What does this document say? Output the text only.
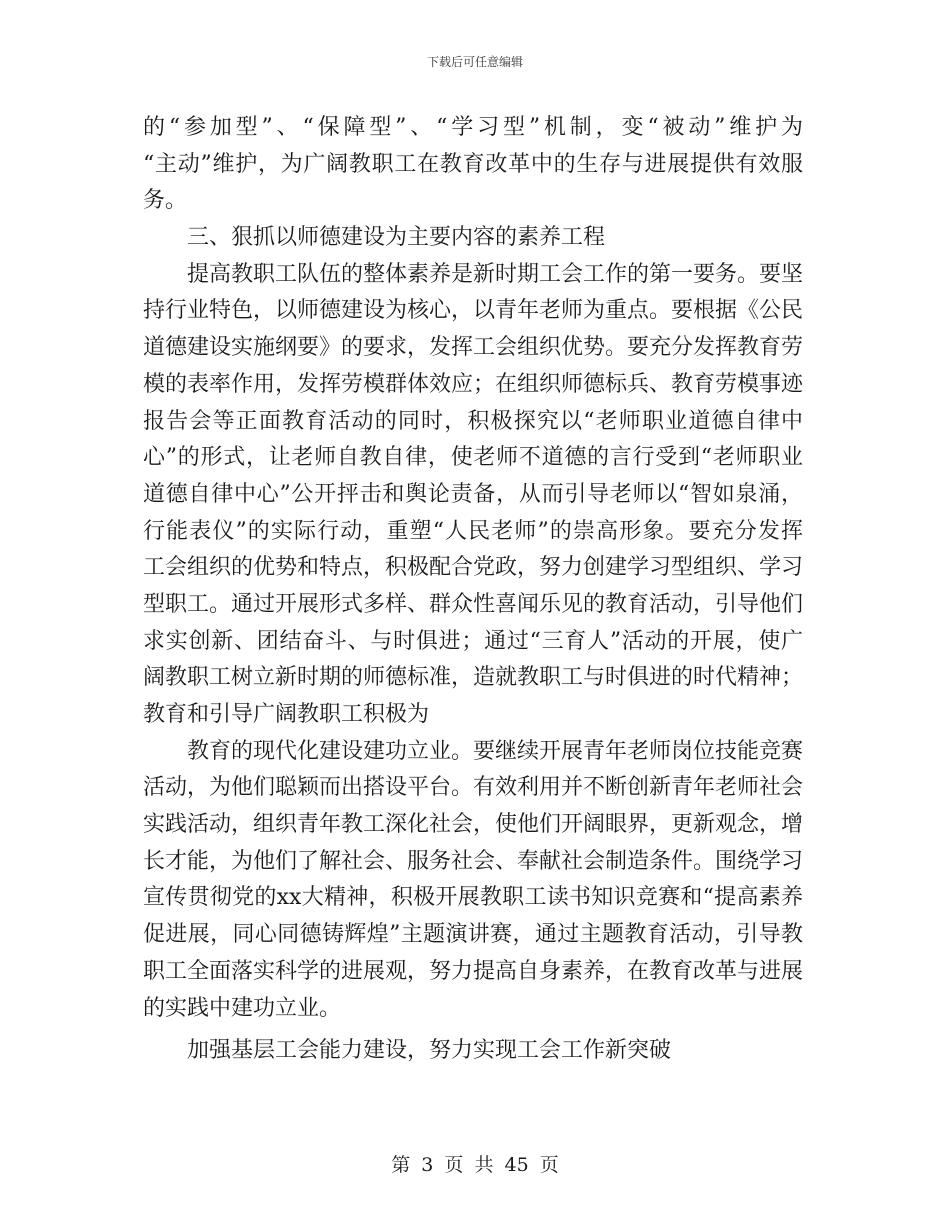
下载后可任意编辑
的“参加型”、“保障型”、“学习型”机制，变“被动”维护为
“主动”维护，为广阔教职工在教育改革中的生存与进展提供有效服
务。
三、狠抓以师德建设为主要内容的素养工程
提高教职工队伍的整体素养是新时期工会工作的第一要务。要坚
持行业特色，以师德建设为核心，以青年老师为重点。要根据《公民
道德建设实施纲要》的要求，发挥工会组织优势。要充分发挥教育劳
模的表率作用，发挥劳模群体效应；在组织师德标兵、教育劳模事迹
报告会等正面教育活动的同时，积极探究以“老师职业道德自律中
心”的形式，让老师自教自律，使老师不道德的言行受到“老师职业
道德自律中心”公开抨击和舆论责备，从而引导老师以“智如泉涌，
行能表仪”的实际行动，重塑“人民老师”的崇高形象。要充分发挥
工会组织的优势和特点，积极配合党政，努力创建学习型组织、学习
型职工。通过开展形式多样、群众性喜闻乐见的教育活动，引导他们
求实创新、团结奋斗、与时俱进；通过“三育人”活动的开展，使广
阔教职工树立新时期的师德标准，造就教职工与时俱进的时代精神；
教育和引导广阔教职工积极为
教育的现代化建设建功立业。要继续开展青年老师岗位技能竞赛
活动，为他们聪颖而出搭设平台。有效利用并不断创新青年老师社会
实践活动，组织青年教工深化社会，使他们开阔眼界，更新观念，增
长才能，为他们了解社会、服务社会、奉献社会制造条件。围绕学习
宣传贯彻党的xx大精神，积极开展教职工读书知识竞赛和“提高素养
促进展，同心同德铸辉煌”主题演讲赛，通过主题教育活动，引导教
职工全面落实科学的进展观，努力提高自身素养，在教育改革与进展
的实践中建功立业。
加强基层工会能力建设，努力实现工会工作新突破
第 3 页 共 45 页
